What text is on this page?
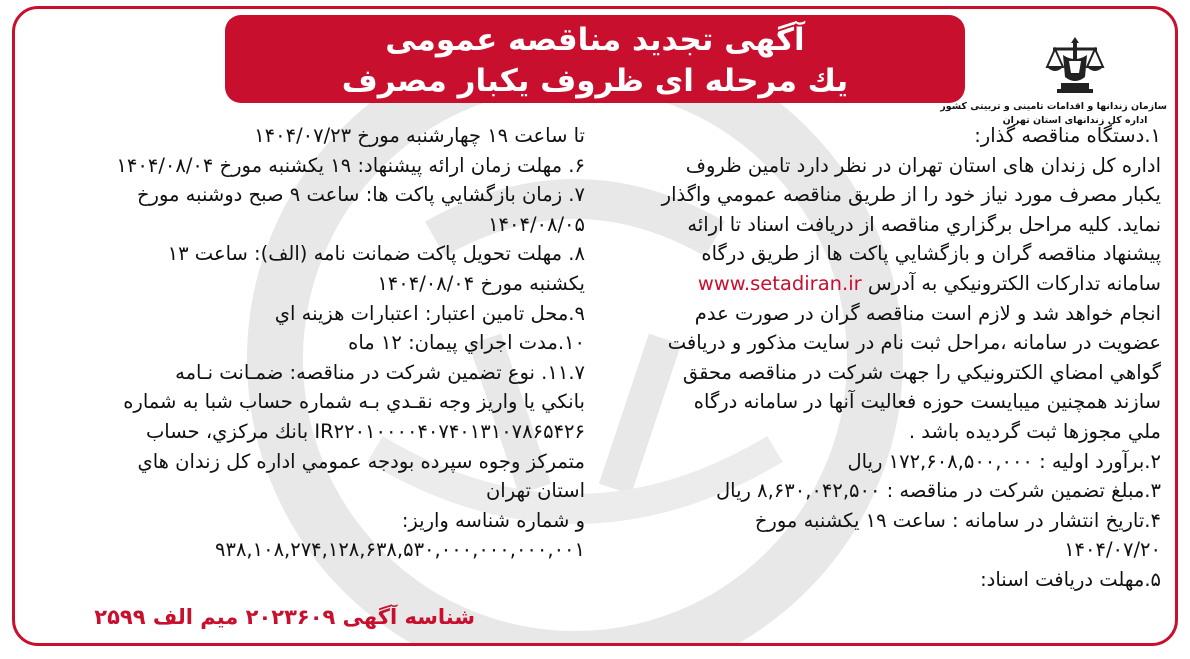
آگهی تجدید مناقصه عمومی
يك مرحله ای ظروف يكبار مصرف
سازمان زندانها و اقدامات تامینی و تربیتی کشور
اداره کل زندانهای استان تهران
۱.دستگاه مناقصه گذار:
اداره کل زندان های استان تهران در نظر دارد تامین ظروف
يكبار مصرف مورد نياز خود را از طريق مناقصه عمومي واگذار
نمايد. كليه مراحل برگزاري مناقصه از دريافت اسناد تا ارائه
پيشنهاد مناقصه گران و بازگشايي پاكت ها از طريق درگاه
سامانه تداركات الكترونيكي به آدرس www.setadiran.ir
انجام خواهد شد و لازم است مناقصه گران در صورت عدم
عضويت در سامانه ،مراحل ثبت نام در سايت مذكور و دريافت
گواهي امضاي الكترونيكي را جهت شركت در مناقصه محقق
سازند همچنين ميبايست حوزه فعاليت آنها در سامانه درگاه
ملي مجوزها ثبت گرديده باشد .
۲.برآورد اوليه : ۱۷۲,۶۰۸,۵۰۰,۰۰۰ ريال
۳.مبلغ تضمين شركت در مناقصه : ۸,۶۳۰,۰۴۲,۵۰۰ ريال
۴.تاريخ انتشار در سامانه : ساعت ۱۹ يكشنبه مورخ
۱۴۰۴/۰۷/۲۰
۵.مهلت دريافت اسناد:
تا ساعت ۱۹ چهارشنبه مورخ ۱۴۰۴/۰۷/۲۳
۶. مهلت زمان ارائه پيشنهاد: ۱۹ يكشنبه مورخ ۱۴۰۴/۰۸/۰۴
۷. زمان بازگشايي پاكت ها: ساعت ۹ صبح دوشنبه مورخ
۱۴۰۴/۰۸/۰۵
۸. مهلت تحويل پاكت ضمانت نامه (الف): ساعت ۱۳
يكشنبه مورخ ۱۴۰۴/۰۸/۰۴
۹.محل تامين اعتبار: اعتبارات هزينه اي
۱۰.مدت اجراي پيمان: ۱۲ ماه
۱۱.۷. نوع تضمين شركت در مناقصه: ضمـانت نـامه
بانكي يا واريز وجه نقـدي بـه شماره حساب شبا به شماره
IR۲۲۰۱۰۰۰۰۴۰۷۴۰۱۳۱۰۷۸۶۵۴۲۶ بانك مركزي، حساب
متمركز وجوه سپرده بودجه عمومي اداره كل زندان هاي
استان تهران
و شماره شناسه واريز:
۹۳۸,۱۰۸,۲۷۴,۱۲۸,۶۳۸,۵۳۰,۰۰۰,۰۰۰,۰۰۰,۰۰۱
شناسه آگهی ۲۰۲۳۶۰۹ میم الف ۲۵۹۹
